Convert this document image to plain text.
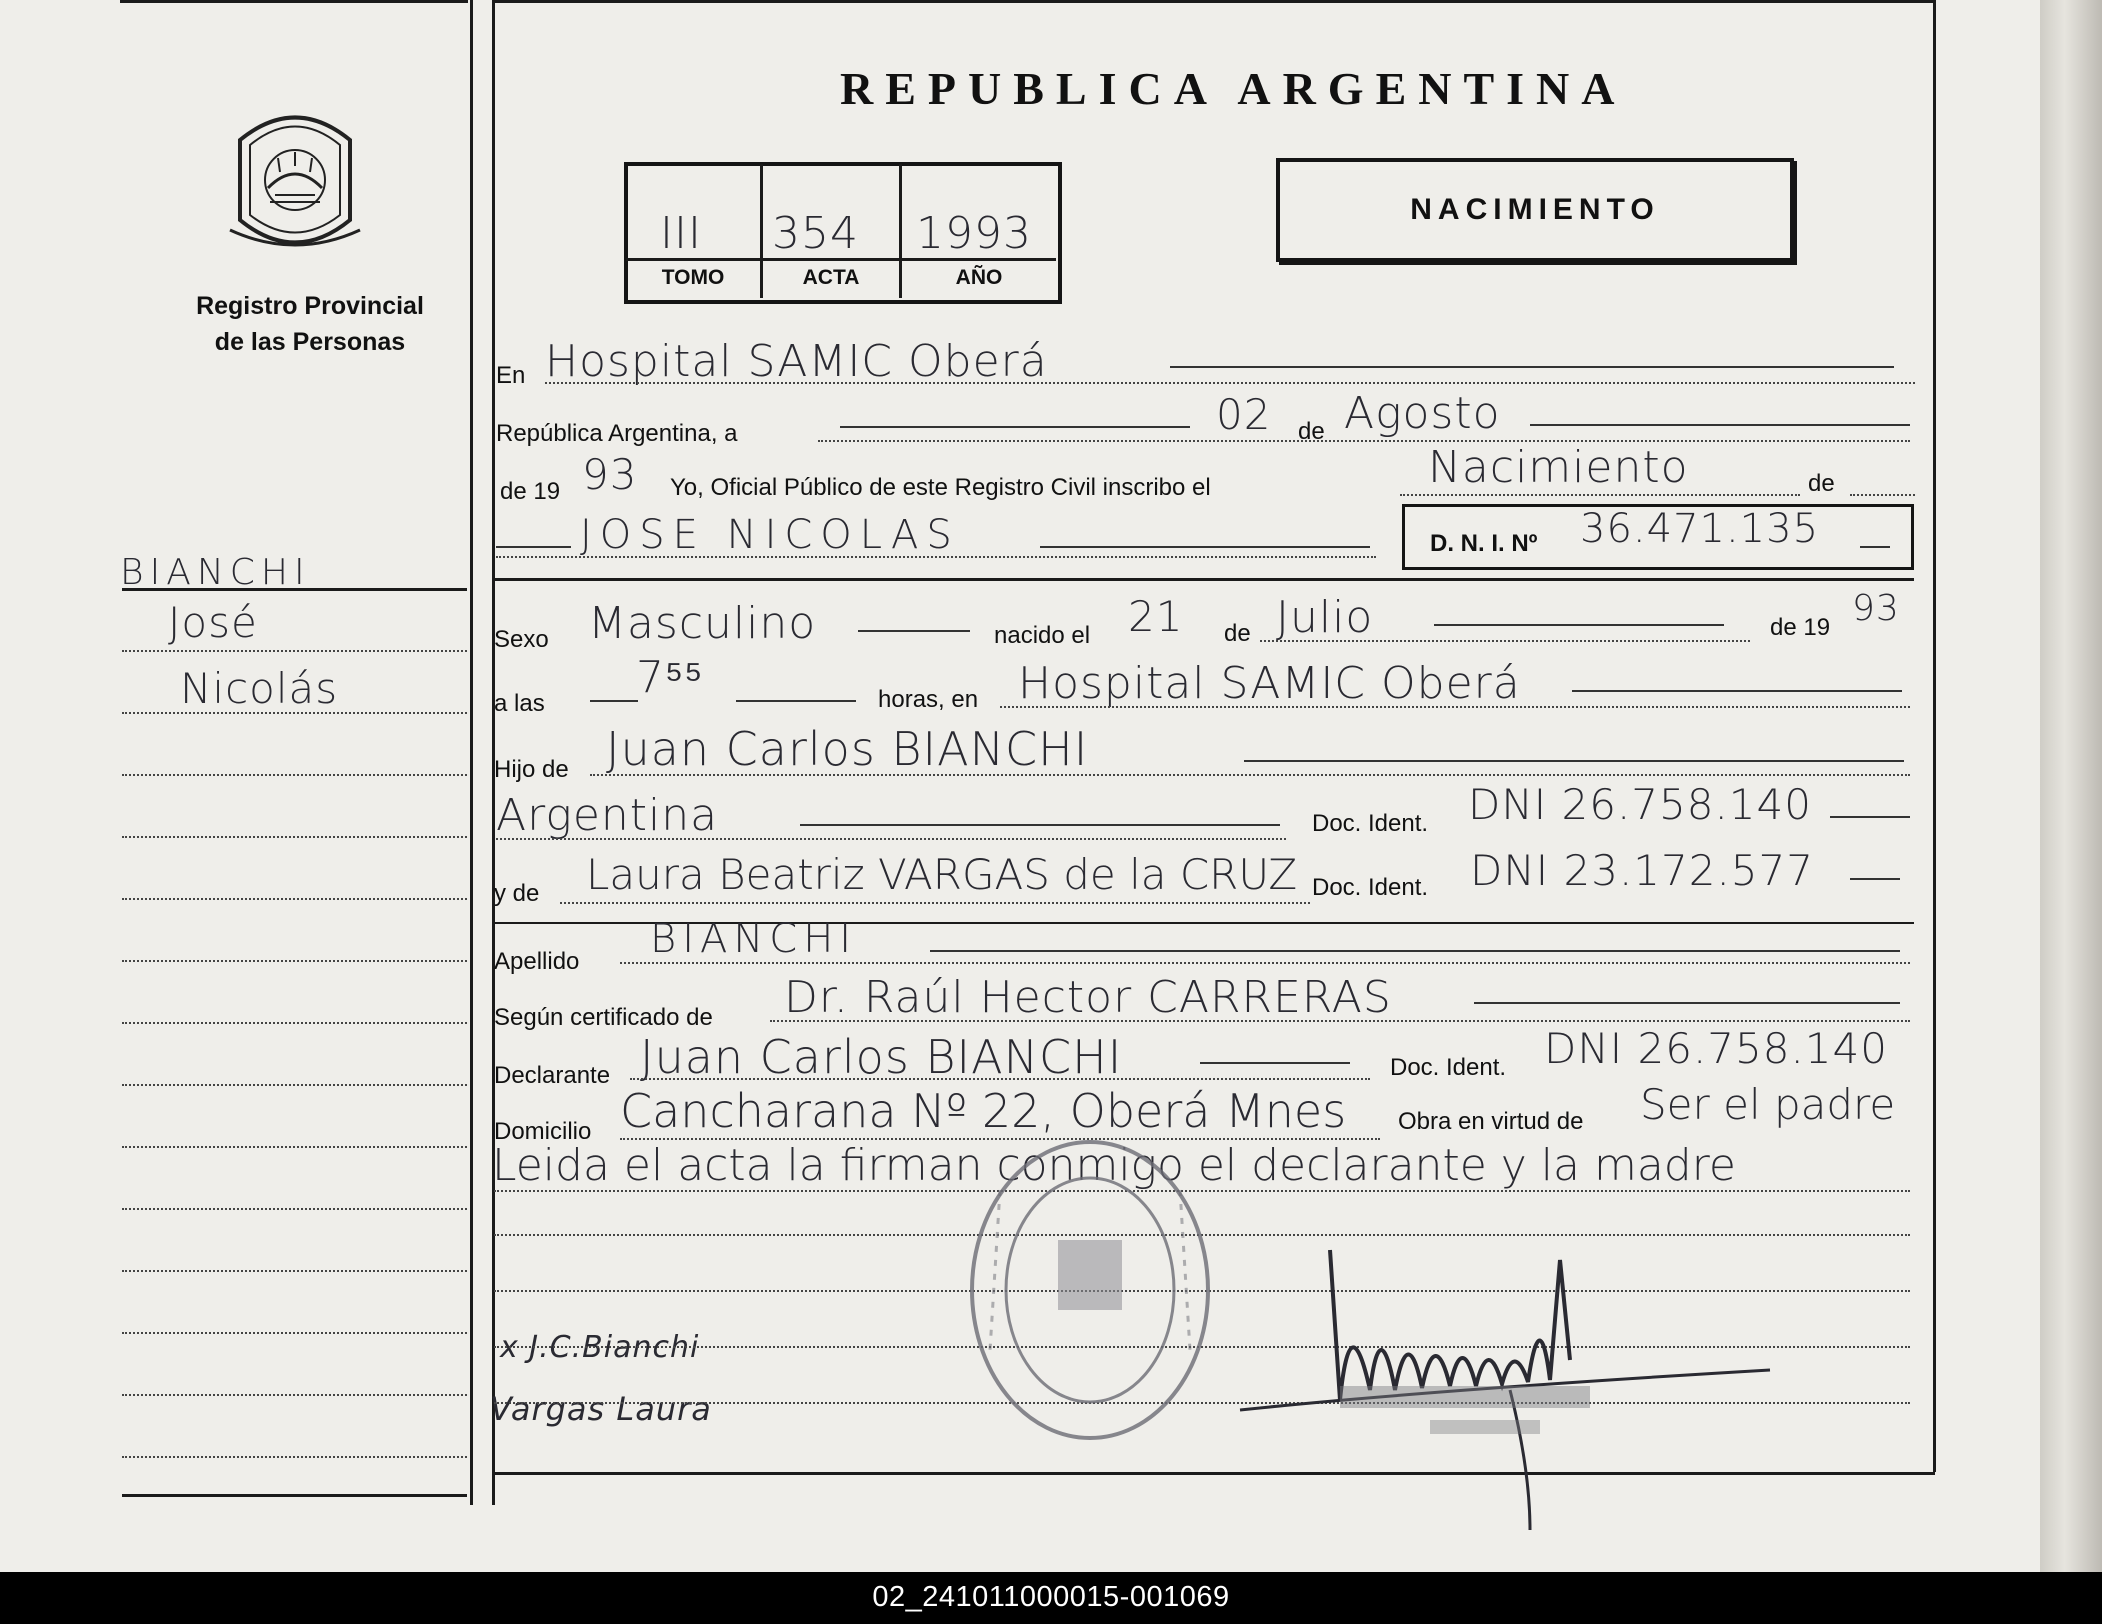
REPUBLICA ARGENTINA
Registro Provincial
de las Personas
III 354 1993
TOMO	ACTA	AÑO
NACIMIENTO
BIANCHI
José
Nicolás
x J.C.Bianchi
Vargas Laura
En Hospital SAMIC Oberá
República Argentina, a	02 de Agosto
de 19 93 Yo, Oficial Público de este Registro Civil inscribo el	Nacimiento	de
JOSE NICOLAS	D. N. I. Nº 36.471.135
Sexo Masculino	nacido el 21 de Julio	de 19 93
a las
7⁵⁵	horas, en Hospital SAMIC Oberá
Hijo de Juan Carlos BIANCHI
Argentina	Doc. Ident. DNI 26.758.140
y de Laura Beatriz VARGAS de la CRUZ Doc. Ident. DNI 23.172.577
Apellido BIANCHI
Según certificado de Dr. Raúl Hector CARRERAS
Declarante Juan Carlos BIANCHI	Doc. Ident. DNI 26.758.140
Domicilio Cancharana Nº 22, Oberá Mnes Obra en virtud de Ser el padre
Leida el acta la firman conmigo el declarante y la madre
02_241011000015-001069
